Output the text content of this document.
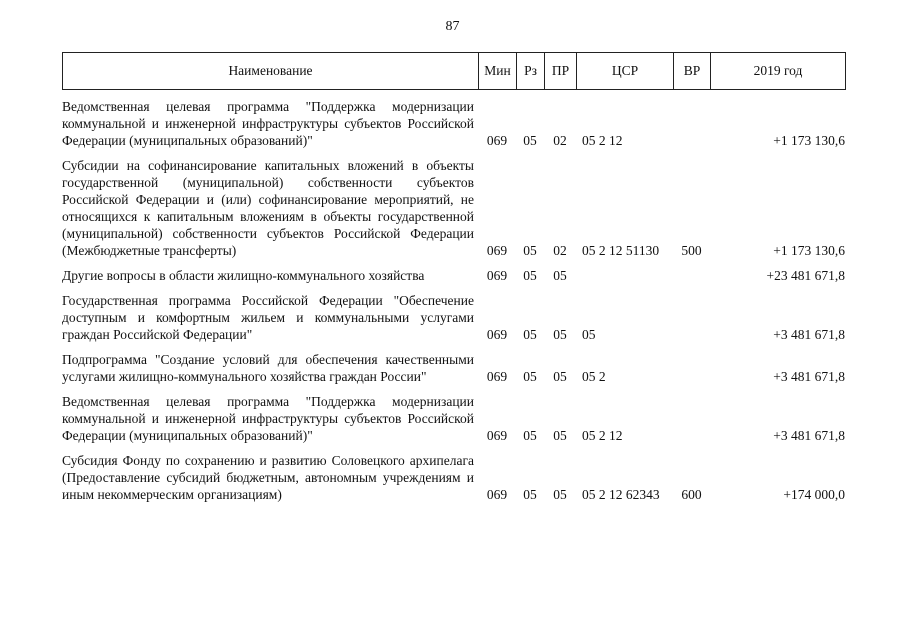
87
Наименование	Мин	Рз	ПР	ЦСР	ВР	2019 год
Ведомственная целевая программа "Поддержка модернизации коммунальной и инженерной инфраструктуры субъектов Российской Федерации (муниципальных образований)"	069	05	02	05 2 12		+1 173 130,6
Субсидии на софинансирование капитальных вложений в объекты государственной (муниципальной) собственности субъектов Российской Федерации и (или) софинансирование мероприятий, не относящихся к капитальным вложениям в объекты государственной (муниципальной) собственности субъектов Российской Федерации (Межбюджетные трансферты)	069	05	02	05 2 12 51130	500	+1 173 130,6
Другие вопросы в области жилищно-коммунального хозяйства	069	05	05			+23 481 671,8
Государственная программа Российской Федерации "Обеспечение доступным и комфортным жильем и коммунальными услугами граждан Российской Федерации"	069	05	05	05		+3 481 671,8
Подпрограмма "Создание условий для обеспечения качественными услугами жилищно-коммунального хозяйства граждан России"	069	05	05	05 2		+3 481 671,8
Ведомственная целевая программа "Поддержка модернизации коммунальной и инженерной инфраструктуры субъектов Российской Федерации (муниципальных образований)"	069	05	05	05 2 12		+3 481 671,8
Субсидия Фонду по сохранению и развитию Соловецкого архипелага (Предоставление субсидий бюджетным, автономным учреждениям и иным некоммерческим организациям)	069	05	05	05 2 12 62343	600	+174 000,0
